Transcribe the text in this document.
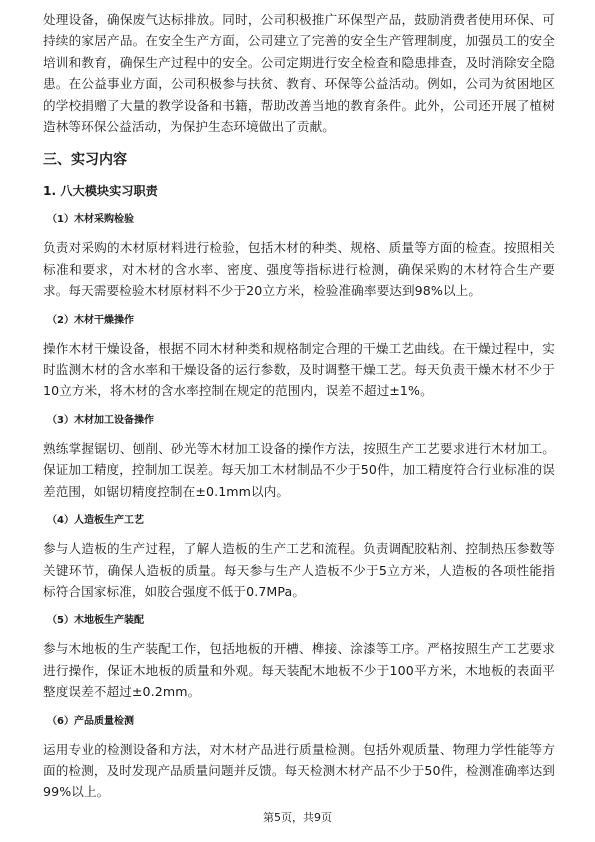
处理设备，确保废气达标排放。同时，公司积极推广环保型产品，鼓励消费者使用环保、可持续的家居产品。在安全生产方面，公司建立了完善的安全生产管理制度，加强员工的安全培训和教育，确保生产过程中的安全。公司定期进行安全检查和隐患排查，及时消除安全隐患。在公益事业方面，公司积极参与扶贫、教育、环保等公益活动。例如，公司为贫困地区的学校捐赠了大量的教学设备和书籍，帮助改善当地的教育条件。此外，公司还开展了植树造林等环保公益活动，为保护生态环境做出了贡献。

三、实习内容
1. 八大模块实习职责
（1）木材采购检验

负责对采购的木材原材料进行检验，包括木材的种类、规格、质量等方面的检查。按照相关标准和要求，对木材的含水率、密度、强度等指标进行检测，确保采购的木材符合生产要求。每天需要检验木材原材料不少于20立方米，检验准确率要达到98%以上。

（2）木材干燥操作

操作木材干燥设备，根据不同木材种类和规格制定合理的干燥工艺曲线。在干燥过程中，实时监测木材的含水率和干燥设备的运行参数，及时调整干燥工艺。每天负责干燥木材不少于10立方米，将木材的含水率控制在规定的范围内，误差不超过±1%。

（3）木材加工设备操作

熟练掌握锯切、刨削、砂光等木材加工设备的操作方法，按照生产工艺要求进行木材加工。保证加工精度，控制加工误差。每天加工木材制品不少于50件，加工精度符合行业标准的误差范围，如锯切精度控制在±0.1mm以内。

（4）人造板生产工艺

参与人造板的生产过程，了解人造板的生产工艺和流程。负责调配胶粘剂、控制热压参数等关键环节，确保人造板的质量。每天参与生产人造板不少于5立方米，人造板的各项性能指标符合国家标准，如胶合强度不低于0.7MPa。

（5）木地板生产装配

参与木地板的生产装配工作，包括地板的开槽、榫接、涂漆等工序。严格按照生产工艺要求进行操作，保证木地板的质量和外观。每天装配木地板不少于100平方米，木地板的表面平整度误差不超过±0.2mm。

（6）产品质量检测

运用专业的检测设备和方法，对木材产品进行质量检测。包括外观质量、物理力学性能等方面的检测，及时发现产品质量问题并反馈。每天检测木材产品不少于50件，检测准确率达到99%以上。

第5页，共9页
